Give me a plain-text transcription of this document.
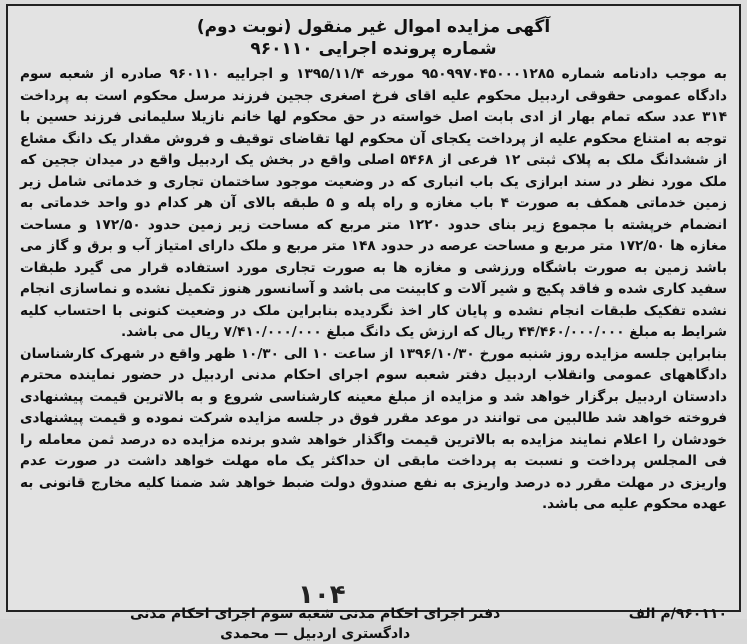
آگهی مزایده اموال غیر منقول (نوبت دوم)
شماره پرونده اجرایی ۹۶۰۱۱۰

به موجب دادنامه شماره ۹۵۰۹۹۷۰۴۵۰۰۰۱۲۸۵ مورخه ۱۳۹۵/۱۱/۴ و اجراییه ۹۶۰۱۱۰ صادره از شعبه سوم دادگاه عمومی حقوقی اردبیل محکوم علیه اقای فرخ اصغری ججین فرزند مرسل محکوم است به پرداخت ۳۱۴ عدد سکه تمام بهار از ادی بابت اصل خواسته در حق محکوم لها خانم نازیلا سلیمانی فرزند حسین با توجه به امتناع محکوم علیه از پرداخت یکجای آن محکوم لها تقاضای توقیف و فروش مقدار یک دانگ مشاع از ششدانگ ملک به پلاک ثبتی ۱۲ فرعی از ۵۴۶۸ اصلی واقع در بخش یک اردبیل واقع در میدان ججین که ملک مورد نظر در سند ابرازی یک باب انباری که در وضعیت موجود ساختمان تجاری و خدماتی شامل زیر زمین خدماتی همکف به صورت ۴ باب مغازه و راه پله و ۵ طبقه بالای آن هر کدام دو واحد خدماتی به انضمام خرپشته با مجموع زیر بنای حدود ۱۲۲۰ متر مربع که مساحت زیر زمین حدود ۱۷۲/۵۰ و مساحت مغازه ها ۱۷۲/۵۰ متر مربع و مساحت عرصه در حدود ۱۴۸ متر مربع و ملک دارای امتیاز آب و برق و گاز می باشد زمین به صورت باشگاه ورزشی و مغازه ها به صورت تجاری مورد استفاده قرار می گیرد طبقات سفید کاری شده و فاقد پکیج و شیر آلات و کابینت می باشد و آسانسور هنوز تکمیل نشده و نماسازی انجام نشده تفکیک طبقات انجام نشده و پایان کار اخذ نگردیده بنابراین ملک در وضعیت کنونی با احتساب کلیه شرایط به مبلغ ۴۴/۴۶۰/۰۰۰/۰۰۰ ریال که ارزش یک دانگ مبلغ ۷/۴۱۰/۰۰۰/۰۰۰ ریال می باشد.

بنابراین جلسه مزایده روز شنبه مورخ ۱۳۹۶/۱۰/۳۰ از ساعت ۱۰ الی ۱۰/۳۰ ظهر واقع در شهرک کارشناسان دادگاههای عمومی وانقلاب اردبیل دفتر شعبه سوم اجرای احکام مدنی اردبیل در حضور نماینده محترم دادستان اردبیل برگزار خواهد شد و مزایده از مبلغ معینه کارشناسی شروع و به بالاترین قیمت پیشنهادی فروخته خواهد شد طالبین می توانند در موعد مقرر فوق در جلسه مزایده شرکت نموده و قیمت پیشنهادی خودشان را اعلام نمایند مزایده به بالاترین قیمت واگذار خواهد شدو برنده مزایده ده درصد ثمن معامله را فی المجلس پرداخت و نسبت به پرداخت مابقی ان حداکثر یک ماه مهلت خواهد داشت در صورت عدم واریزی در مهلت مقرر ده درصد واریزی به نفع صندوق دولت ضبط خواهد شد ضمنا کلیه مخارج قانونی به عهده محکوم علیه می باشد.

۹۶۰۱۱۰/م الف
دفتر اجرای احکام مدنی شعبه سوم اجرای احکام مدنی
دادگستری اردبیل — محمدی
۱۰۴
